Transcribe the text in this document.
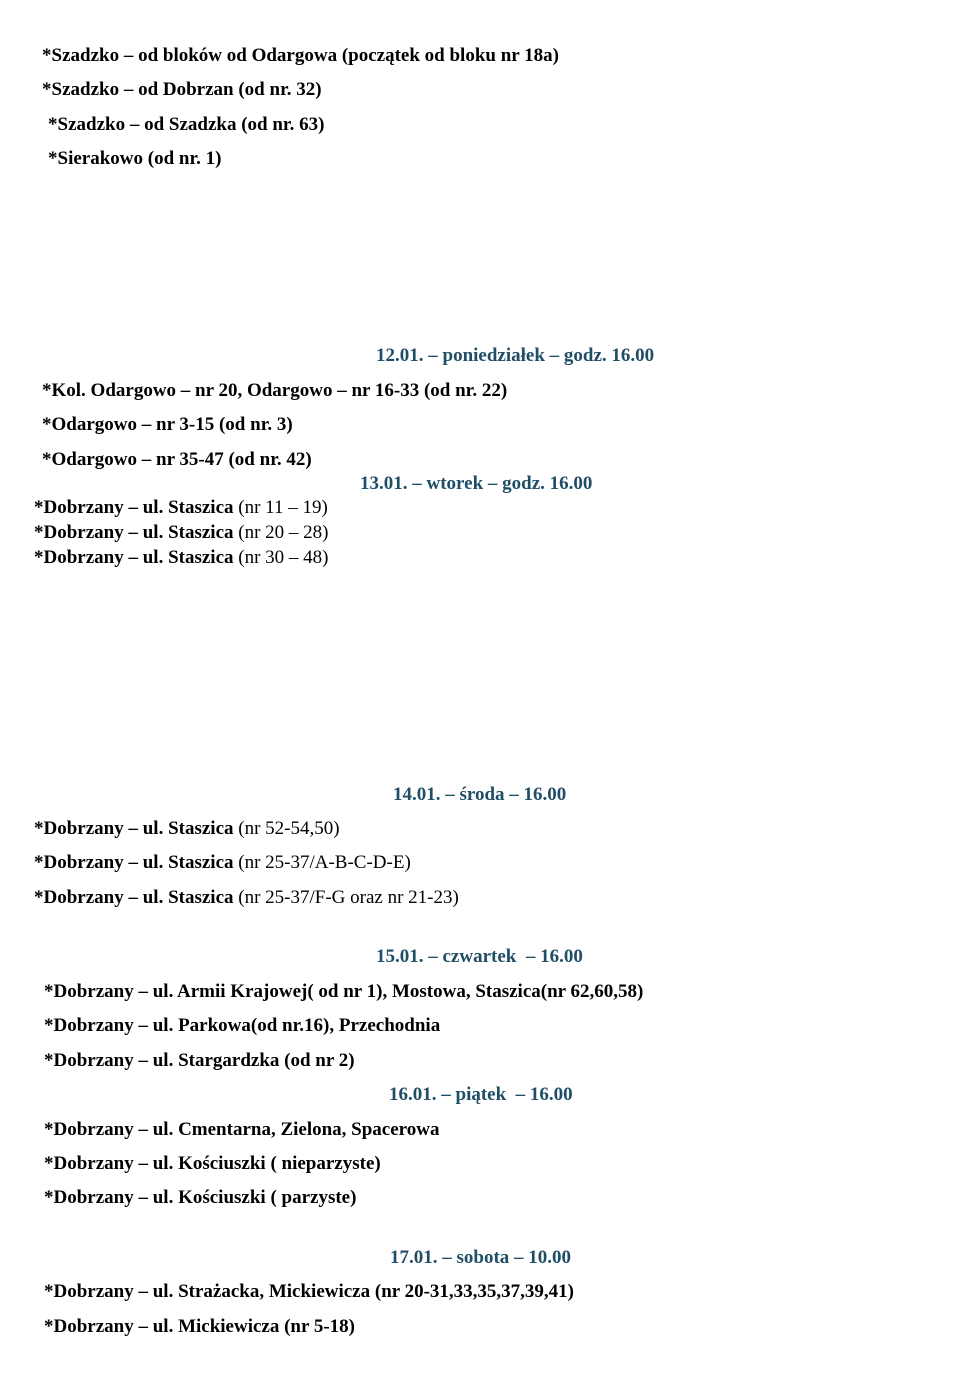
*Szadzko – od bloków od Odargowa (początek od bloku nr 18a)
*Szadzko – od Dobrzan (od nr. 32)
*Szadzko – od Szadzka (od nr. 63)
*Sierakowo (od nr. 1)
12.01. – poniedziałek – godz. 16.00
*Kol. Odargowo – nr 20, Odargowo – nr 16-33 (od nr. 22)
*Odargowo – nr 3-15 (od nr. 3)
*Odargowo – nr 35-47 (od nr. 42)
13.01. – wtorek – godz. 16.00
*Dobrzany – ul. Staszica (nr 11 – 19)
*Dobrzany – ul. Staszica (nr 20 – 28)
*Dobrzany – ul. Staszica (nr 30 – 48)
14.01. – środa – 16.00
*Dobrzany – ul. Staszica (nr 52-54,50)
*Dobrzany – ul. Staszica (nr 25-37/A-B-C-D-E)
*Dobrzany – ul. Staszica (nr 25-37/F-G oraz nr 21-23)
15.01. – czwartek  – 16.00
*Dobrzany – ul. Armii Krajowej( od nr 1), Mostowa, Staszica(nr 62,60,58)
*Dobrzany – ul. Parkowa(od nr.16), Przechodnia
*Dobrzany – ul. Stargardzka (od nr 2)
16.01. – piątek  – 16.00
*Dobrzany – ul. Cmentarna, Zielona, Spacerowa
*Dobrzany – ul. Kościuszki ( nieparzyste)
*Dobrzany – ul. Kościuszki ( parzyste)
17.01. – sobota – 10.00
*Dobrzany – ul. Strażacka, Mickiewicza (nr 20-31,33,35,37,39,41)
*Dobrzany – ul. Mickiewicza (nr 5-18)
